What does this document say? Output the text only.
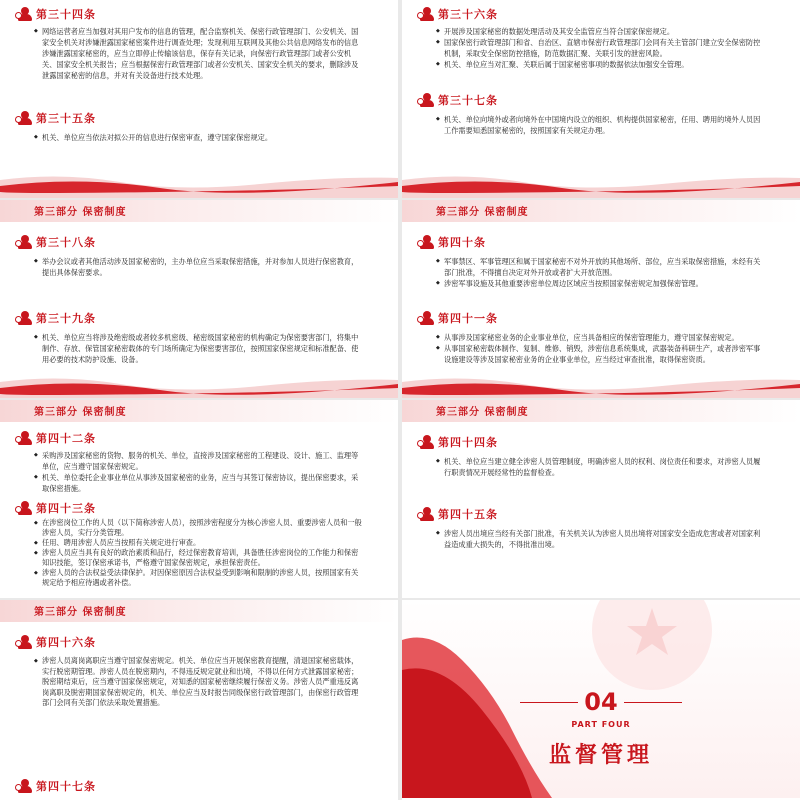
第三十四条

◆ 网络运营者应当加强对其用户发布的信息的管理，配合监察机关、保密行政管理部门、公安机关、国家安全机关对涉嫌泄露国家秘密案件进行调查处理；发现利用互联网及其他公共信息网络发布的信息涉嫌泄露国家秘密的，应当立即停止传输该信息，保存有关记录，向保密行政管理部门或者公安机关、国家安全机关报告；应当根据保密行政管理部门或者公安机关、国家安全机关的要求，删除涉及泄露国家秘密的信息，并对有关设备进行技术处理。

第三十五条

◆ 机关、单位应当依法对拟公开的信息进行保密审查，遵守国家保密规定。

第三十六条

◆ 开展涉及国家秘密的数据处理活动及其安全监管应当符合国家保密规定。

◆ 国家保密行政管理部门和省、自治区、直辖市保密行政管理部门会同有关主管部门建立安全保密防控机制，采取安全保密防控措施，防范数据汇聚、关联引发的泄密风险。

◆ 机关、单位应当对汇聚、关联后属于国家秘密事项的数据依法加强安全管理。

第三十七条

◆ 机关、单位向境外或者向境外在中国境内设立的组织、机构提供国家秘密，任用、聘用的境外人员因工作需要知悉国家秘密的，按照国家有关规定办理。

第三部分 保密制度
第三十八条

◆ 举办会议或者其他活动涉及国家秘密的，主办单位应当采取保密措施，并对参加人员进行保密教育，提出具体保密要求。

第三十九条

◆ 机关、单位应当将涉及绝密级或者较多机密级、秘密级国家秘密的机构确定为保密要害部门，将集中制作、存放、保管国家秘密载体的专门场所确定为保密要害部位，按照国家保密规定和标准配备、使用必要的技术防护设施、设备。

第三部分 保密制度
第四十条

◆ 军事禁区、军事管理区和属于国家秘密不对外开放的其他场所、部位，应当采取保密措施，未经有关部门批准，不得擅自决定对外开放或者扩大开放范围。

◆ 涉密军事设施及其他重要涉密单位周边区域应当按照国家保密规定加强保密管理。

第四十一条

◆ 从事涉及国家秘密业务的企业事业单位，应当具备相应的保密管理能力，遵守国家保密规定。

◆ 从事国家秘密载体制作、复制、维修、销毁，涉密信息系统集成，武器装备科研生产，或者涉密军事设施建设等涉及国家秘密业务的企业事业单位，应当经过审查批准，取得保密资质。

第三部分 保密制度
第四十二条

◆ 采购涉及国家秘密的货物、服务的机关、单位，直接涉及国家秘密的工程建设、设计、施工、监理等单位，应当遵守国家保密规定。

◆ 机关、单位委托企业事业单位从事涉及国家秘密的业务，应当与其签订保密协议，提出保密要求，采取保密措施。

第四十三条

◆ 在涉密岗位工作的人员（以下简称涉密人员），按照涉密程度分为核心涉密人员、重要涉密人员和一般涉密人员，实行分类管理。

◆ 任用、聘用涉密人员应当按照有关规定进行审查。

◆ 涉密人员应当具有良好的政治素质和品行，经过保密教育培训，具备胜任涉密岗位的工作能力和保密知识技能，签订保密承诺书，严格遵守国家保密规定，承担保密责任。

◆ 涉密人员的合法权益受法律保护。对因保密原因合法权益受到影响和限制的涉密人员，按照国家有关规定给予相应待遇或者补偿。

第三部分 保密制度
第四十四条

◆ 机关、单位应当建立健全涉密人员管理制度，明确涉密人员的权利、岗位责任和要求，对涉密人员履行职责情况开展经常性的监督检查。

第四十五条

◆ 涉密人员出境应当经有关部门批准，有关机关认为涉密人员出境将对国家安全造成危害或者对国家利益造成重大损失的，不得批准出境。

第三部分 保密制度
第四十六条

◆ 涉密人员离岗离职应当遵守国家保密规定。机关、单位应当开展保密教育提醒，清退国家秘密载体，实行脱密期管理。涉密人员在脱密期内，不得违反规定就业和出境，不得以任何方式泄露国家秘密；脱密期结束后，应当遵守国家保密规定，对知悉的国家秘密继续履行保密义务。涉密人员严重违反离岗离职及脱密期国家保密规定的，机关、单位应当及时报告同级保密行政管理部门，由保密行政管理部门会同有关部门依法采取处置措施。

第四十七条
04
PART FOUR
监督管理
